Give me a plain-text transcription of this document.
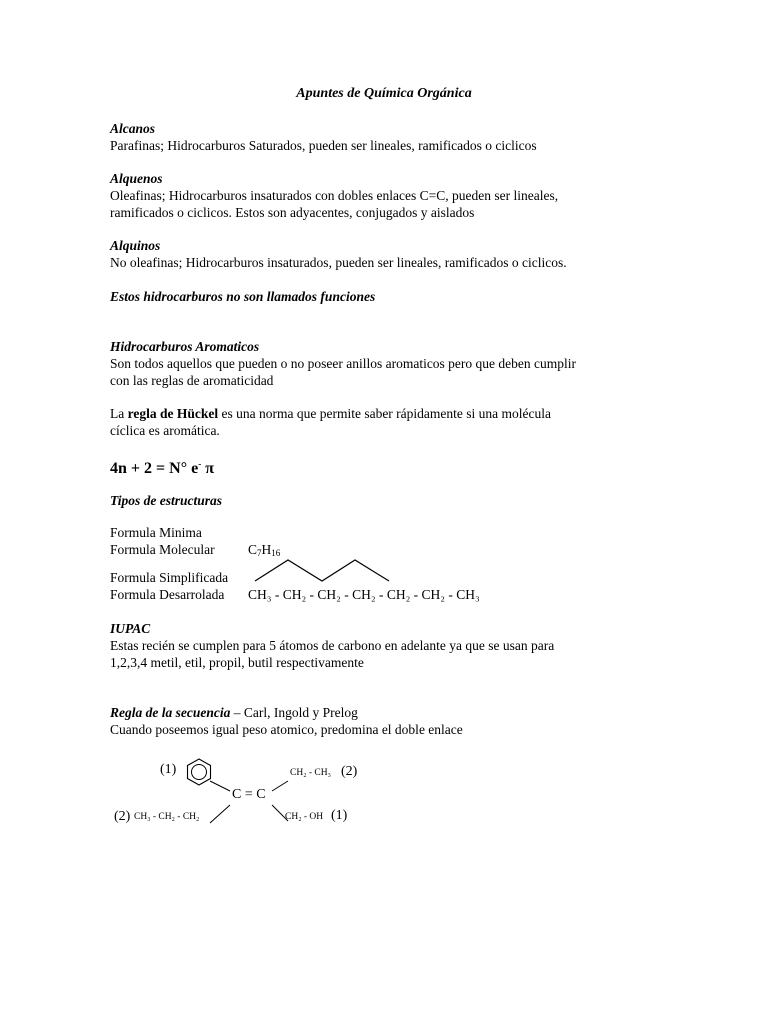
Apuntes de Química Orgánica
Alcanos
Parafinas; Hidrocarburos Saturados, pueden ser lineales, ramificados o ciclicos
Alquenos
Oleafinas; Hidrocarburos insaturados con dobles enlaces C=C, pueden ser lineales,
ramificados o ciclicos. Estos son adyacentes, conjugados y aislados
Alquinos
No oleafinas; Hidrocarburos insaturados, pueden ser lineales, ramificados o ciclicos.
Estos hidrocarburos no son llamados funciones
Hidrocarburos Aromaticos
Son todos aquellos que pueden o no poseer anillos aromaticos pero que deben cumplir
con las reglas de aromaticidad
La regla de Hückel es una norma que permite saber rápidamente si una molécula
cíclica es aromática.
4n + 2 = N° e- π
Tipos de estructuras
Formula Minima
Formula Molecular $C_7H_{16}$
Formula Simplificada
Formula Desarrolada CH₃ - CH₂ - CH₂ - CH₂ - CH₂ - CH₂ - CH₃
IUPAC
Estas recién se cumplen para 5 átomos de carbono en adelante ya que se usan para
1,2,3,4 metil, etil, propil, butil respectivamente
Regla de la secuencia – Carl, Ingold y Prelog
Cuando poseemos igual peso atomico, predomina el doble enlace
(1)
C = C
CH₂ - CH₃ (2)
(2) CH₃ - CH₂ - CH₂	CH₂ - OH (1)
